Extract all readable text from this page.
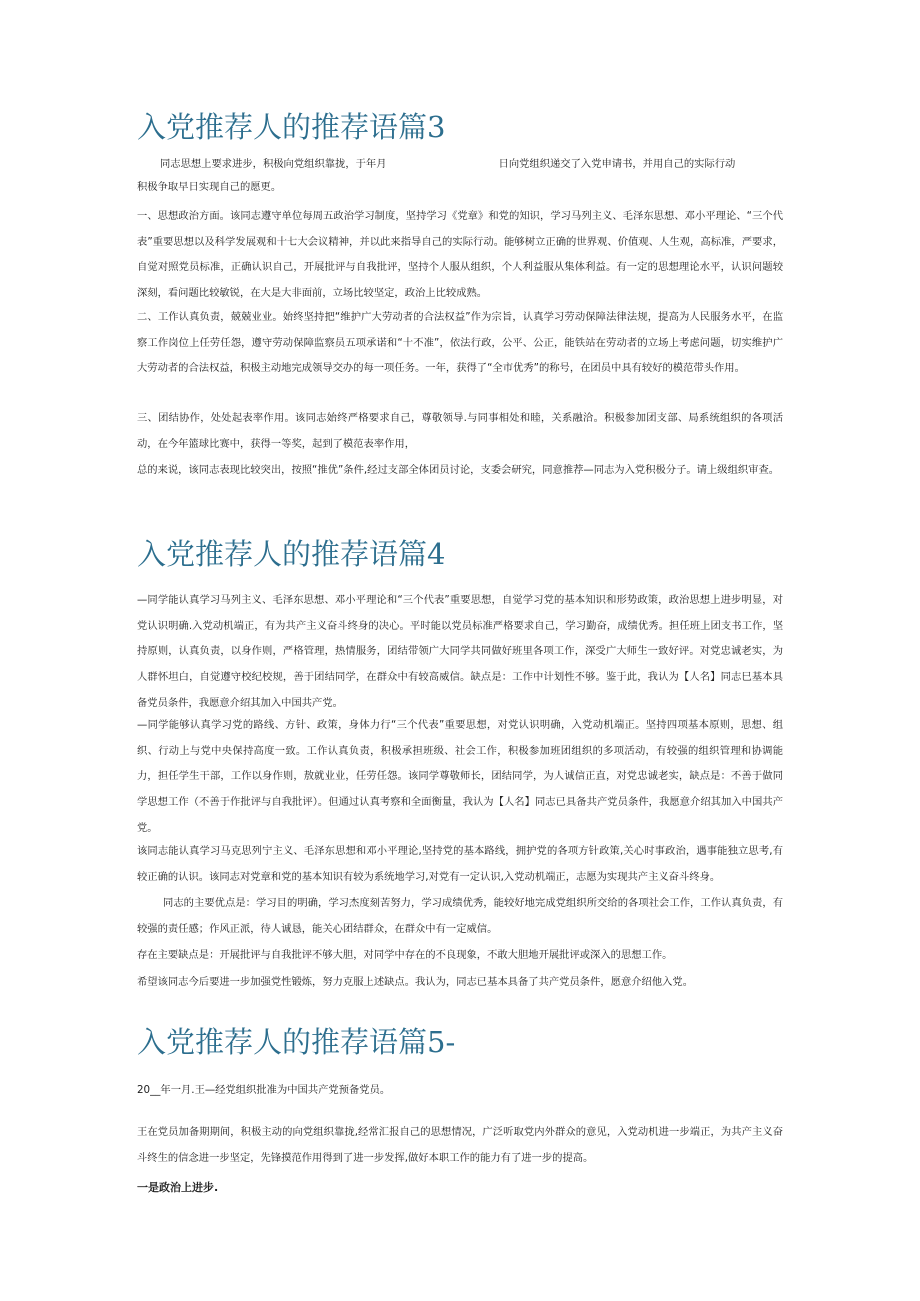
入党推荐人的推荐语篇3

同志思想上要求进步，积极向党组织靠拢，于年月	日向党组织递交了入党申请书，并用自己的实际行动

积极争取早日实现自己的愿更。

一、思想政治方面。该同志遵守单位每周五政治学习制度，坚持学习《党章》和党的知识，学习马列主义、毛泽东思想、邓小平理论、“三个代表”重要思想以及科学发展观和十七大会议精神，并以此来指导自己的实际行动。能够树立正确的世界观、价值观、人生观，高标准，严要求，自觉对照党员标准，正确认识自己，开展批评与自我批评，坚持个人服从组织，个人利益服从集体利益。有一定的思想理论水平，认识问题较深刻，看问题比较敏锐，在大是大非面前，立场比较坚定，政治上比较成熟。

二、工作认真负责，兢兢业业。始终坚持把“维护广大劳动者的合法权益”作为宗旨，认真学习劳动保障法律法规，提高为人民服务水平，在监察工作岗位上任劳任怨，遵守劳动保障监察员五项承诺和“十不准”，依法行政，公平、公正，能铁站在劳动者的立场上考虑问题，切实维护广大劳动者的合法权益，积极主动地完成领导交办的每一项任务。一年，获得了“全市优秀”的称号，在团员中具有较好的模范带头作用。

三、团结协作，处处起表率作用。该同志始终严格要求自己，尊敬领导.与同事相处和睦，关系融洽。积极参加团支部、局系统组织的各项活动，在今年篮球比赛中，获得一等奖，起到了模范表率作用，

总的来说，该同志表现比较突出，按照“推优”条件,经过支部全体团员讨论，支委会研究，同意推荐—同志为入党积极分子。请上级组织审查。

入党推荐人的推荐语篇4

—同学能认真学习马列主义、毛泽东思想、邓小平理论和“三个代表”重要思想，自觉学习党的基本知识和形势政策，政治思想上进步明显，对党认识明确.入党动机端正，有为共产主义奋斗终身的决心。平时能以党员标准严格要求自己，学习勤奋，成绩优秀。担任班上团支书工作，坚持原则，认真负责，以身作则，严格管理，热情服务，团结带领广大同学共同做好班里各项工作，深受广大师生一致好评。对党忠诚老实，为人群怀坦白，自觉遵守校纪校规，善于团结同学，在群众中有较高威信。缺点是：工作中计划性不够。鉴于此，我认为【人名】同志巳基本具备党员条件，我愿意介绍其加入中国共产党。

—同学能够认真学习党的路线、方针、政策，身体力行“三个代表”重要思想，对党认识明确，入党动机端正。坚持四项基本原则，思想、组织、行动上与党中央保持高度一致。工作认真负责，积极承担班级、社会工作，积极参加班团组织的多项活动，有较强的组织管理和协调能力，担任学生干部，工作以身作则，敖就业业，任劳任怨。该同学尊敬师长，团结同学，为人诚信正直，对党忠诚老实，缺点是：不善于做同学思想工作（不善于作批评与自我批评）。但通过认真考察和全面衡量，我认为【人名】同志已具备共产党员条件，我愿意介绍其加入中国共产党。

该同志能认真学习马克思列宁主义、毛泽东思想和邓小平理论,坚持党的基本路线，拥护党的各项方针政策,关心时事政治，遇事能独立思考,有较正确的认识。该同志对党章和党的基本知识有较为系统地学习,对党有一定认识,入党动机端正，志愿为实现共产主义奋斗终身。

同志的主要优点是：学习目的明确，学习杰度刻苦努力，学习成绩优秀，能较好地完成党组织所交给的各项社会工作，工作认真负责，有较强的责任感；作风正派，待人诚恳，能关心团结群众，在群众中有一定威信。

存在主要缺点是：开展批评与自我批评不够大胆，对同学中存在的不良现象，不敢大胆地开展批评或深入的思想工作。

希望该同志今后要进一步加强党性锻炼，努力克服上述缺点。我认为，同志已基本具备了共产党员条件，愿意介绍他入党。

入党推荐人的推荐语篇5-

20__年一月.王—经党组织批准为中国共产党预备党员。

王在党员加备期期间，积极主动的向党组织靠拢,经常汇报自己的思想情况，广泛听取党内外群众的意见，入党动机进一步端正，为共产主义奋斗终生的信念进一步坚定，先锋摸范作用得到了进一步发挥,做好本职工作的能力有了进一步的提高。

一是政治上进步.
